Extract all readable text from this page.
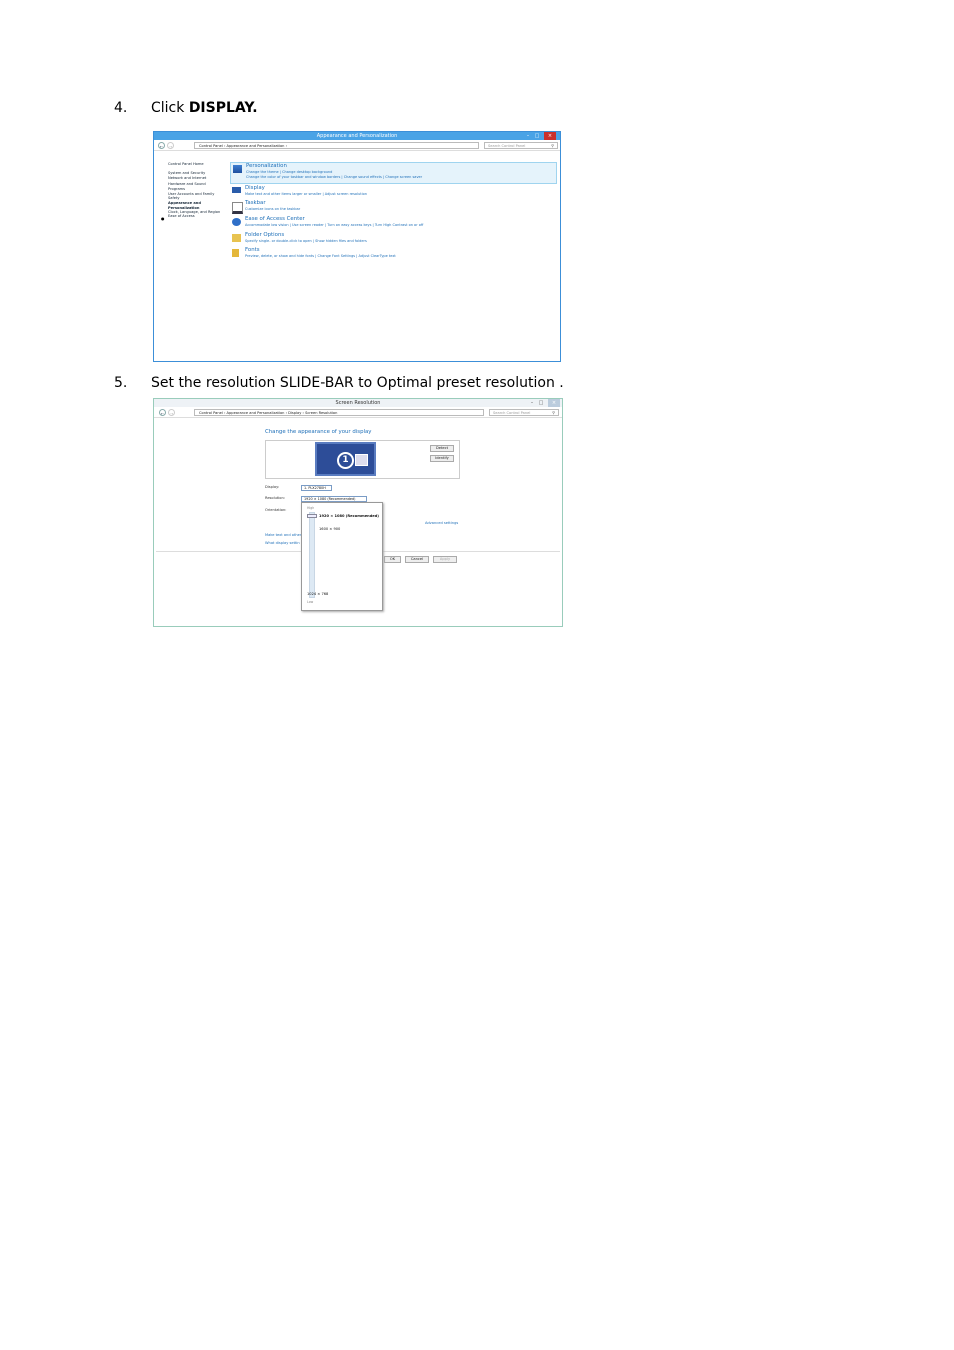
4. Click DISPLAY.
Appearance and Personalization	–	□	×
←	→	Control Panel › Appearance and Personalization ›	Search Control Panel	⚲
Control Panel Home
System and Security
Network and Internet
Hardware and Sound
Programs
User Accounts and Family
Safety
Appearance and
Personalization
Clock, Language, and Region
Ease of Access
●
Personalization
Change the theme | Change desktop background
Change the color of your taskbar and window borders | Change sound effects | Change screen saver
Display
Make text and other items larger or smaller | Adjust screen resolution
Taskbar
Customize icons on the taskbar
Ease of Access Center
Accommodate low vision | Use screen reader | Turn on easy access keys | Turn High Contrast on or off
Folder Options
Specify single- or double-click to open | Show hidden files and folders
Fonts
Preview, delete, or show and hide fonts | Change Font Settings | Adjust ClearType text
5. Set the resolution SLIDE-BAR to Optimal preset resolution .
Screen Resolution	–	□	×
←	→	Control Panel › Appearance and Personalization › Display › Screen Resolution	Search Control Panel	⚲
Change the appearance of your display
1
Detect
Identify
Display:	1. PLX2780H
Resolution:	1920 × 1080 (Recommended)
Orientation:
Advanced settings
Make text and other
What display settin
OK	Cancel	Apply
High
1920 × 1080 (Recommended)
1600 × 900
1024 × 768
Low
